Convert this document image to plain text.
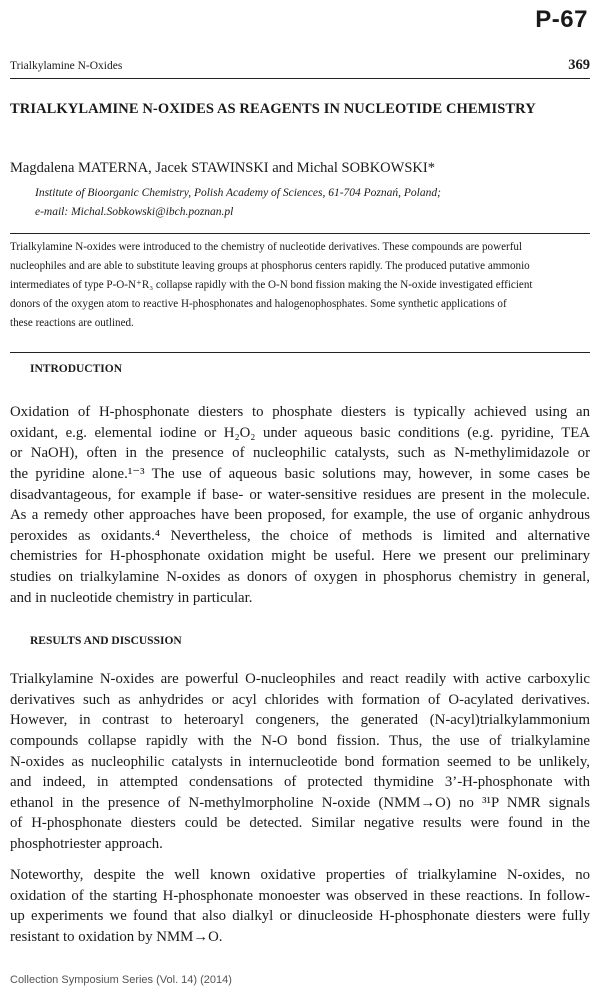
P-67
Trialkylamine N-Oxides	369
TRIALKYLAMINE N-OXIDES AS REAGENTS IN NUCLEOTIDE CHEMISTRY
Magdalena MATERNA, Jacek STAWINSKI and Michal SOBKOWSKI*
Institute of Bioorganic Chemistry, Polish Academy of Sciences, 61-704 Poznań, Poland;
e-mail: Michal.Sobkowski@ibch.poznan.pl
Trialkylamine N-oxides were introduced to the chemistry of nucleotide derivatives. These compounds are powerful
nucleophiles and are able to substitute leaving groups at phosphorus centers rapidly. The produced putative ammonio
intermediates of type P-O-N⁺R₃ collapse rapidly with the O-N bond fission making the N-oxide investigated efficient
donors of the oxygen atom to reactive H-phosphonates and halogenophosphates. Some synthetic applications of
these reactions are outlined.
INTRODUCTION
Oxidation of H-phosphonate diesters to phosphate diesters is typically achieved using an
oxidant, e.g. elemental iodine or H₂O₂ under aqueous basic conditions (e.g. pyridine, TEA
or NaOH), often in the presence of nucleophilic catalysts, such as N-methylimidazole or
the pyridine alone.¹⁻³ The use of aqueous basic solutions may, however, in some cases be
disadvantageous, for example if base- or water-sensitive residues are present in the molecule.
As a remedy other approaches have been proposed, for example, the use of organic anhydrous
peroxides as oxidants.⁴ Nevertheless, the choice of methods is limited and alternative
chemistries for H-phosphonate oxidation might be useful. Here we present our preliminary
studies on trialkylamine N-oxides as donors of oxygen in phosphorus chemistry in general,
and in nucleotide chemistry in particular.
RESULTS AND DISCUSSION
Trialkylamine N-oxides are powerful O-nucleophiles and react readily with active carboxylic
derivatives such as anhydrides or acyl chlorides with formation of O-acylated derivatives.
However, in contrast to heteroaryl congeners, the generated (N-acyl)trialkylammonium
compounds collapse rapidly with the N-O bond fission. Thus, the use of trialkylamine
N-oxides as nucleophilic catalysts in internucleotide bond formation seemed to be unlikely,
and indeed, in attempted condensations of protected thymidine 3’-H-phosphonate with
ethanol in the presence of N-methylmorpholine N-oxide (NMM→O) no ³¹P NMR signals
of H-phosphonate diesters could be detected. Similar negative results were found in the
phosphotriester approach.
Noteworthy, despite the well known oxidative properties of trialkylamine N-oxides, no
oxidation of the starting H-phosphonate monoester was observed in these reactions. In follow-
up experiments we found that also dialkyl or dinucleoside H-phosphonate diesters were fully
resistant to oxidation by NMM→O.
Collection Symposium Series (Vol. 14) (2014)
